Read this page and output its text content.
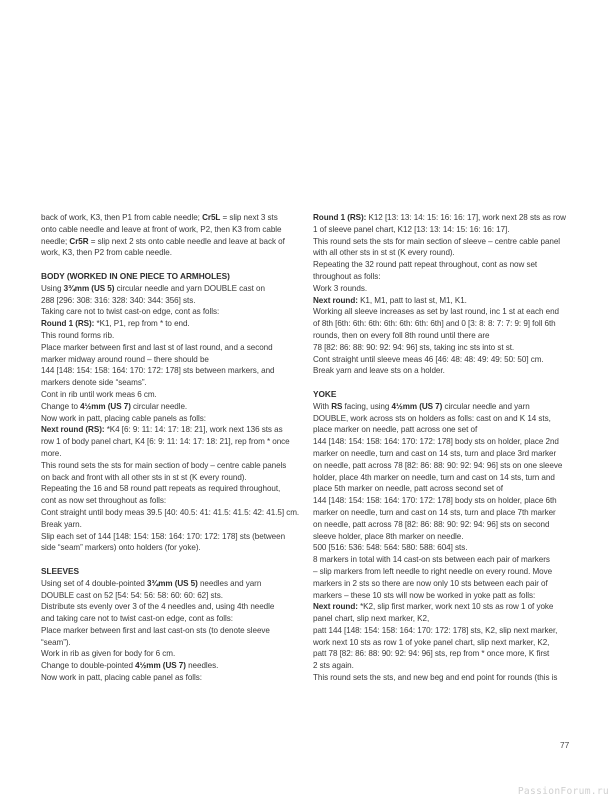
back of work, K3, then P1 from cable needle; Cr5L = slip next 3 sts

onto cable needle and leave at front of work, P2, then K3 from cable

needle; Cr5R = slip next 2 sts onto cable needle and leave at back of

work, K3, then P2 from cable needle.

BODY (WORKED IN ONE PIECE TO ARMHOLES)

Using 3¾mm (US 5) circular needle and yarn DOUBLE cast on

288 [296: 308: 316: 328: 340: 344: 356] sts.

Taking care not to twist cast-on edge, cont as folls:

Round 1 (RS): *K1, P1, rep from * to end.

This round forms rib.

Place marker between first and last st of last round, and a second

marker midway around round – there should be

144 [148: 154: 158: 164: 170: 172: 178] sts between markers, and

markers denote side “seams”.

Cont in rib until work meas 6 cm.

Change to 4½mm (US 7) circular needle.

Now work in patt, placing cable panels as folls:

Next round (RS): *K4 [6: 9: 11: 14: 17: 18: 21], work next 136 sts as

row 1 of body panel chart, K4 [6: 9: 11: 14: 17: 18: 21], rep from * once

more.

This round sets the sts for main section of body – centre cable panels

on back and front with all other sts in st st (K every round).

Repeating the 16 and 58 round patt repeats as required throughout,

cont as now set throughout as folls:

Cont straight until body meas 39.5 [40: 40.5: 41: 41.5: 41.5: 42: 41.5] cm.

Break yarn.

Slip each set of 144 [148: 154: 158: 164: 170: 172: 178] sts (between

side “seam” markers) onto holders (for yoke).

SLEEVES

Using set of 4 double-pointed 3¾mm (US 5) needles and yarn

DOUBLE cast on 52 [54: 54: 56: 58: 60: 60: 62] sts.

Distribute sts evenly over 3 of the 4 needles and, using 4th needle

and taking care not to twist cast-on edge, cont as folls:

Place marker between first and last cast-on sts (to denote sleeve

“seam”).

Work in rib as given for body for 6 cm.

Change to double-pointed 4½mm (US 7) needles.

Now work in patt, placing cable panel as folls:

Round 1 (RS): K12 [13: 13: 14: 15: 16: 16: 17], work next 28 sts as row

1 of sleeve panel chart, K12 [13: 13: 14: 15: 16: 16: 17].

This round sets the sts for main section of sleeve – centre cable panel

with all other sts in st st (K every round).

Repeating the 32 round patt repeat throughout, cont as now set

throughout as folls:

Work 3 rounds.

Next round: K1, M1, patt to last st, M1, K1.

Working all sleeve increases as set by last round, inc 1 st at each end

of 8th [6th: 6th: 6th: 6th: 6th: 6th: 6th] and 0 [3: 8: 8: 7: 7: 9: 9] foll 6th

rounds, then on every foll 8th round until there are

78 [82: 86: 88: 90: 92: 94: 96] sts, taking inc sts into st st.

Cont straight until sleeve meas 46 [46: 48: 48: 49: 49: 50: 50] cm.

Break yarn and leave sts on a holder.

YOKE

With RS facing, using 4½mm (US 7) circular needle and yarn

DOUBLE, work across sts on holders as folls: cast on and K 14 sts,

place marker on needle, patt across one set of

144 [148: 154: 158: 164: 170: 172: 178] body sts on holder, place 2nd

marker on needle, turn and cast on 14 sts, turn and place 3rd marker

on needle, patt across 78 [82: 86: 88: 90: 92: 94: 96] sts on one sleeve

holder, place 4th marker on needle, turn and cast on 14 sts, turn and

place 5th marker on needle, patt across second set of

144 [148: 154: 158: 164: 170: 172: 178] body sts on holder, place 6th

marker on needle, turn and cast on 14 sts, turn and place 7th marker

on needle, patt across 78 [82: 86: 88: 90: 92: 94: 96] sts on second

sleeve holder, place 8th marker on needle.

500 [516: 536: 548: 564: 580: 588: 604] sts.

8 markers in total with 14 cast-on sts between each pair of markers

– slip markers from left needle to right needle on every round. Move

markers in 2 sts so there are now only 10 sts between each pair of

markers – these 10 sts will now be worked in yoke patt as folls:

Next round: *K2, slip first marker, work next 10 sts as row 1 of yoke

panel chart, slip next marker, K2,

patt 144 [148: 154: 158: 164: 170: 172: 178] sts, K2, slip next marker,

work next 10 sts as row 1 of yoke panel chart, slip next marker, K2,

patt 78 [82: 86: 88: 90: 92: 94: 96] sts, rep from * once more, K first

2 sts again.

This round sets the sts, and new beg and end point for rounds (this is

77
PassionForum.ru
